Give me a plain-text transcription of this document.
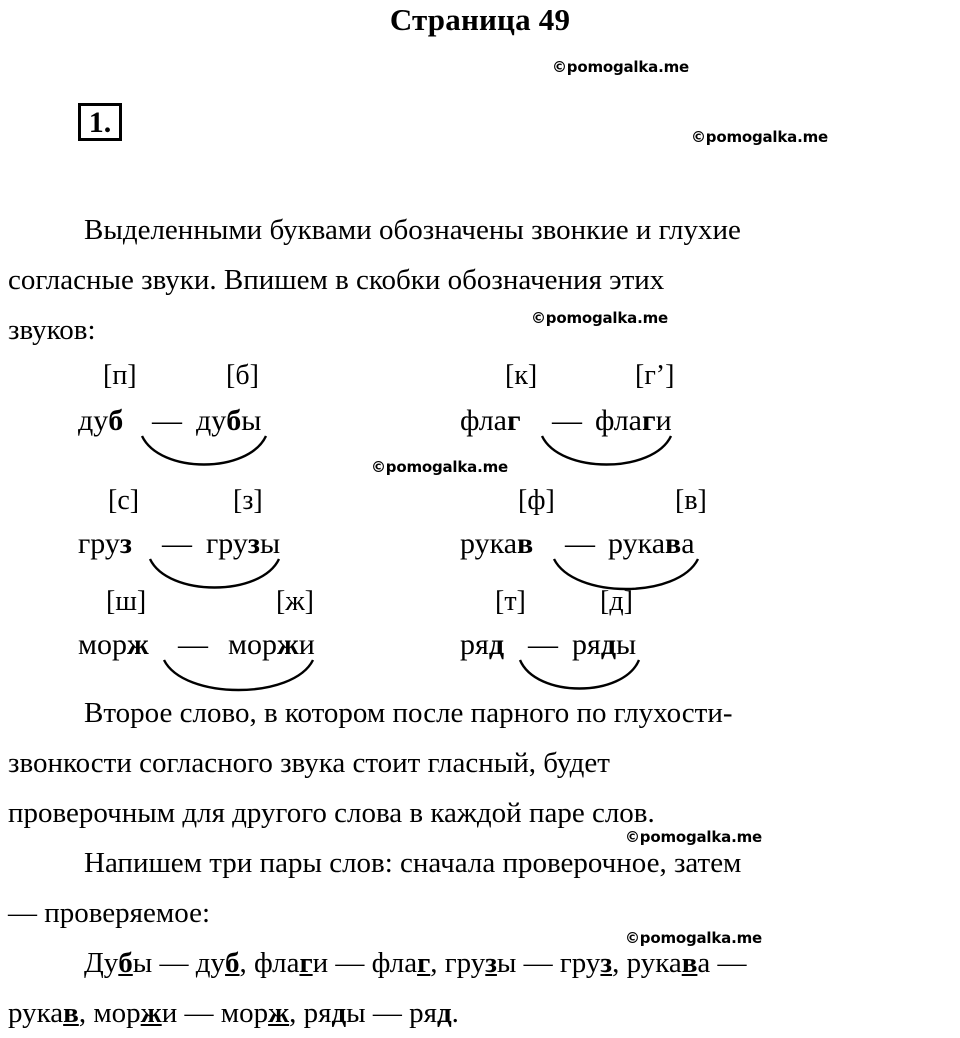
Страница 49
1.
Выделенными буквами обозначены звонкие и глухие
согласные звуки. Впишем в скобки обозначения этих
звуков:
[п]	[б]
дуб — дубы
[к]	[г’]
флаг — флаги
[с]	[з]
груз — грузы
[ф]	[в]
рукав — рукава
[ш]	[ж]
морж — моржи
[т]	[д]
ряд — ряды
Второе слово, в котором после парного по глухости-
звонкости согласного звука стоит гласный, будет
проверочным для другого слова в каждой паре слов.
Напишем три пары слов: сначала проверочное, затем
— проверяемое:
Дубы — дуб, флаги — флаг, грузы — груз, рукава —
рукав, моржи — морж, ряды — ряд.
©pomogalka.me
©pomogalka.me
©pomogalka.me
©pomogalka.me
©pomogalka.me
©pomogalka.me
